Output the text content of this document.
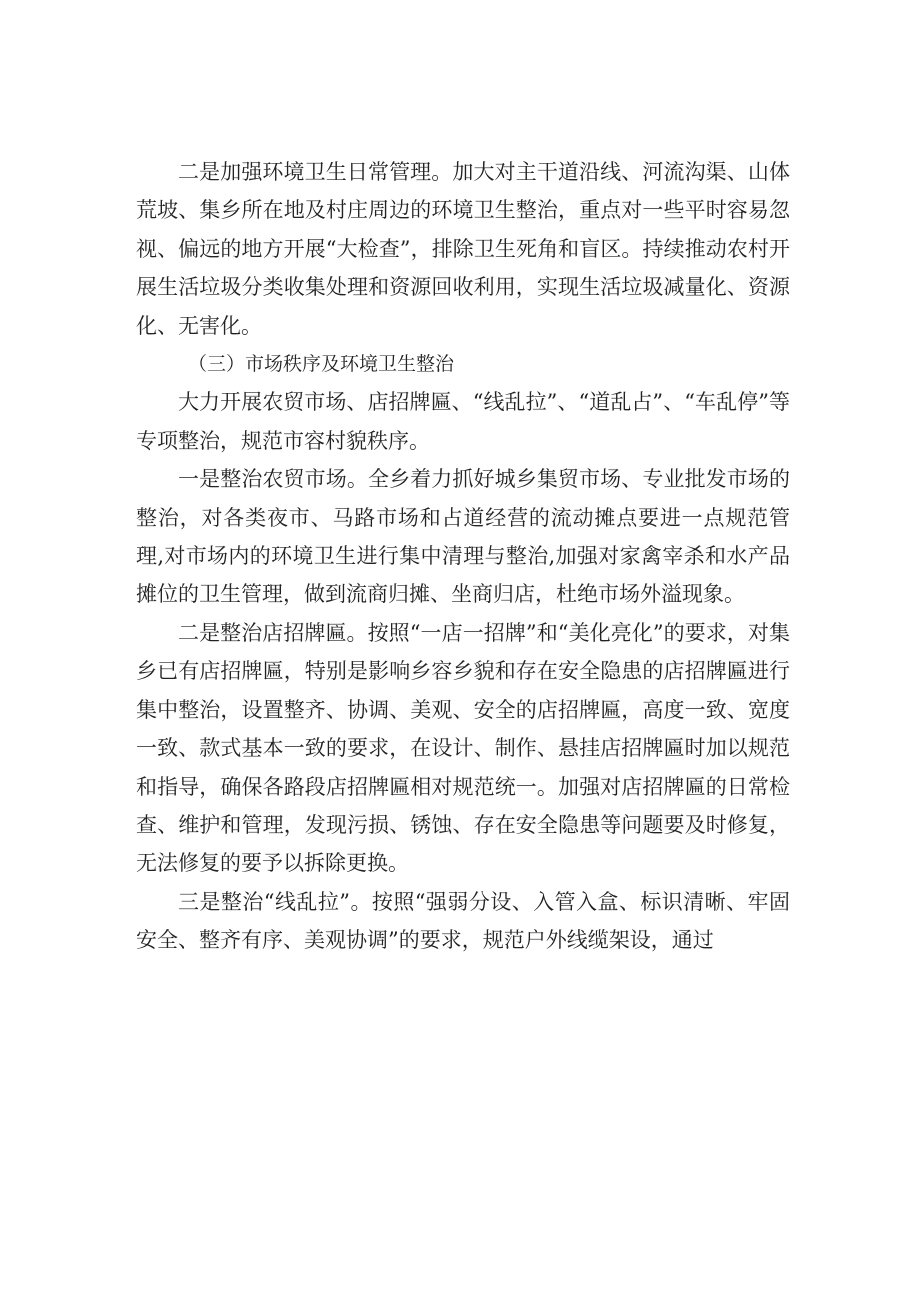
二是加强环境卫生日常管理。加大对主干道沿线、河流沟渠、山体荒坡、集乡所在地及村庄周边的环境卫生整治，重点对一些平时容易忽视、偏远的地方开展“大检查”，排除卫生死角和盲区。持续推动农村开展生活垃圾分类收集处理和资源回收利用，实现生活垃圾减量化、资源化、无害化。

（三）市场秩序及环境卫生整治

大力开展农贸市场、店招牌匾、“线乱拉”、“道乱占”、“车乱停”等专项整治，规范市容村貌秩序。

一是整治农贸市场。全乡着力抓好城乡集贸市场、专业批发市场的整治，对各类夜市、马路市场和占道经营的流动摊点要进一点规范管理,对市场内的环境卫生进行集中清理与整治,加强对家禽宰杀和水产品摊位的卫生管理，做到流商归摊、坐商归店，杜绝市场外溢现象。

二是整治店招牌匾。按照“一店一招牌”和“美化亮化”的要求，对集乡已有店招牌匾，特别是影响乡容乡貌和存在安全隐患的店招牌匾进行集中整治，设置整齐、协调、美观、安全的店招牌匾，高度一致、宽度一致、款式基本一致的要求，在设计、制作、悬挂店招牌匾时加以规范和指导，确保各路段店招牌匾相对规范统一。加强对店招牌匾的日常检查、维护和管理，发现污损、锈蚀、存在安全隐患等问题要及时修复，无法修复的要予以拆除更换。

三是整治“线乱拉”。按照“强弱分设、入管入盒、标识清晰、牢固安全、整齐有序、美观协调”的要求，规范户外线缆架设，通过
